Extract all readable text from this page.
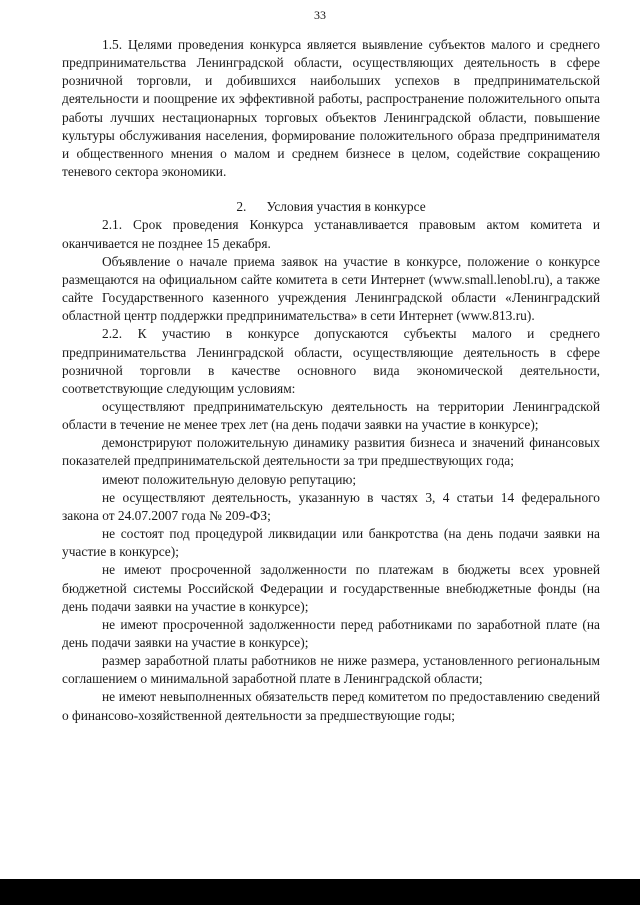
33

1.5. Целями проведения конкурса является выявление субъектов малого и среднего предпринимательства Ленинградской области, осуществляющих деятельность в сфере розничной торговли, и добившихся наибольших успехов в предпринимательской деятельности и поощрение их эффективной работы, распространение положительного опыта работы лучших нестационарных торговых объектов Ленинградской области, повышение культуры обслуживания населения, формирование положительного образа предпринимателя и общественного мнения о малом и среднем бизнесе в целом, содействие сокращению теневого сектора экономики.

2.      Условия участия в конкурсе

2.1. Срок проведения Конкурса устанавливается правовым актом комитета и оканчивается не позднее 15 декабря.

Объявление о начале приема заявок на участие в конкурсе, положение о конкурсе размещаются на официальном сайте комитета в сети Интернет (www.small.lenobl.ru), а также сайте Государственного казенного учреждения Ленинградской области «Ленинградский областной центр поддержки предпринимательства» в сети Интернет (www.813.ru).

2.2. К участию в конкурсе допускаются субъекты малого и среднего предпринимательства Ленинградской области, осуществляющие деятельность в сфере розничной торговли в качестве основного вида экономической деятельности, соответствующие следующим условиям:

осуществляют предпринимательскую деятельность на территории Ленинградской области в течение не менее трех лет (на день подачи заявки на участие в конкурсе);

демонстрируют положительную динамику развития бизнеса и значений финансовых показателей предпринимательской деятельности за три предшествующих года;

имеют положительную деловую репутацию;

не осуществляют деятельность, указанную в частях 3, 4 статьи 14 федерального закона от 24.07.2007 года № 209-ФЗ;

не состоят под процедурой ликвидации или банкротства (на день подачи заявки на участие в конкурсе);

не имеют просроченной задолженности по платежам в бюджеты всех уровней бюджетной системы Российской Федерации и государственные внебюджетные фонды (на день подачи заявки на участие в конкурсе);

не имеют просроченной задолженности перед работниками по заработной плате (на день подачи заявки на участие в конкурсе);

размер заработной платы работников не ниже размера, установленного региональным соглашением о минимальной заработной плате в Ленинградской области;

не имеют невыполненных обязательств перед комитетом по предоставлению сведений о финансово-хозяйственной деятельности за предшествующие годы;
